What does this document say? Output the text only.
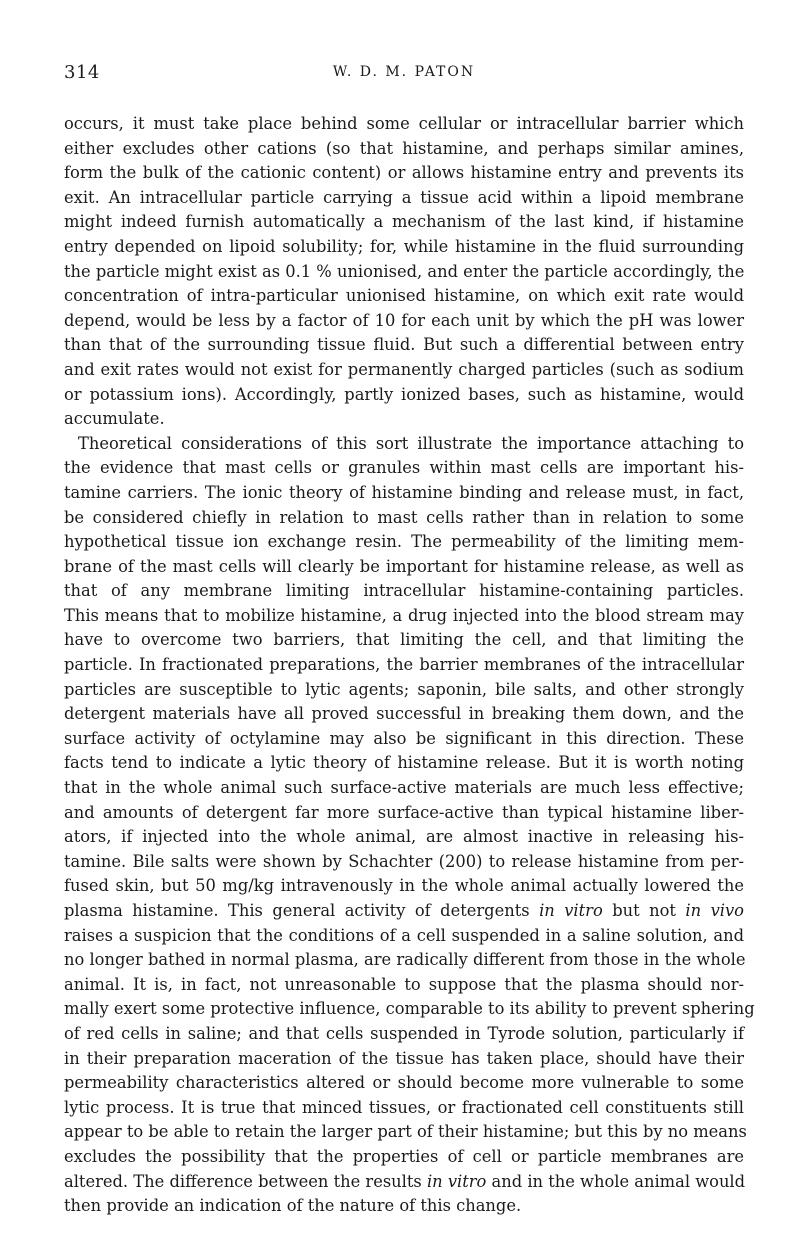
314	W. D. M. PATON
occurs, it must take place behind some cellular or intracellular barrier which
either excludes other cations (so that histamine, and perhaps similar amines,
form the bulk of the cationic content) or allows histamine entry and prevents its
exit. An intracellular particle carrying a tissue acid within a lipoid membrane
might indeed furnish automatically a mechanism of the last kind, if histamine
entry depended on lipoid solubility; for, while histamine in the fluid surrounding
the particle might exist as 0.1 % unionised, and enter the particle accordingly, the
concentration of intra-particular unionised histamine, on which exit rate would
depend, would be less by a factor of 10 for each unit by which the pH was lower
than that of the surrounding tissue fluid. But such a differential between entry
and exit rates would not exist for permanently charged particles (such as sodium
or potassium ions). Accordingly, partly ionized bases, such as histamine, would
accumulate.
Theoretical considerations of this sort illustrate the importance attaching to
the evidence that mast cells or granules within mast cells are important his-
tamine carriers. The ionic theory of histamine binding and release must, in fact,
be considered chiefly in relation to mast cells rather than in relation to some
hypothetical tissue ion exchange resin. The permeability of the limiting mem-
brane of the mast cells will clearly be important for histamine release, as well as
that of any membrane limiting intracellular histamine-containing particles.
This means that to mobilize histamine, a drug injected into the blood stream may
have to overcome two barriers, that limiting the cell, and that limiting the
particle. In fractionated preparations, the barrier membranes of the intracellular
particles are susceptible to lytic agents; saponin, bile salts, and other strongly
detergent materials have all proved successful in breaking them down, and the
surface activity of octylamine may also be significant in this direction. These
facts tend to indicate a lytic theory of histamine release. But it is worth noting
that in the whole animal such surface-active materials are much less effective;
and amounts of detergent far more surface-active than typical histamine liber-
ators, if injected into the whole animal, are almost inactive in releasing his-
tamine. Bile salts were shown by Schachter (200) to release histamine from per-
fused skin, but 50 mg/kg intravenously in the whole animal actually lowered the
plasma histamine. This general activity of detergents in vitro but not in vivo
raises a suspicion that the conditions of a cell suspended in a saline solution, and
no longer bathed in normal plasma, are radically different from those in the whole
animal. It is, in fact, not unreasonable to suppose that the plasma should nor-
mally exert some protective influence, comparable to its ability to prevent sphering
of red cells in saline; and that cells suspended in Tyrode solution, particularly if
in their preparation maceration of the tissue has taken place, should have their
permeability characteristics altered or should become more vulnerable to some
lytic process. It is true that minced tissues, or fractionated cell constituents still
appear to be able to retain the larger part of their histamine; but this by no means
excludes the possibility that the properties of cell or particle membranes are
altered. The difference between the results in vitro and in the whole animal would
then provide an indication of the nature of this change.
